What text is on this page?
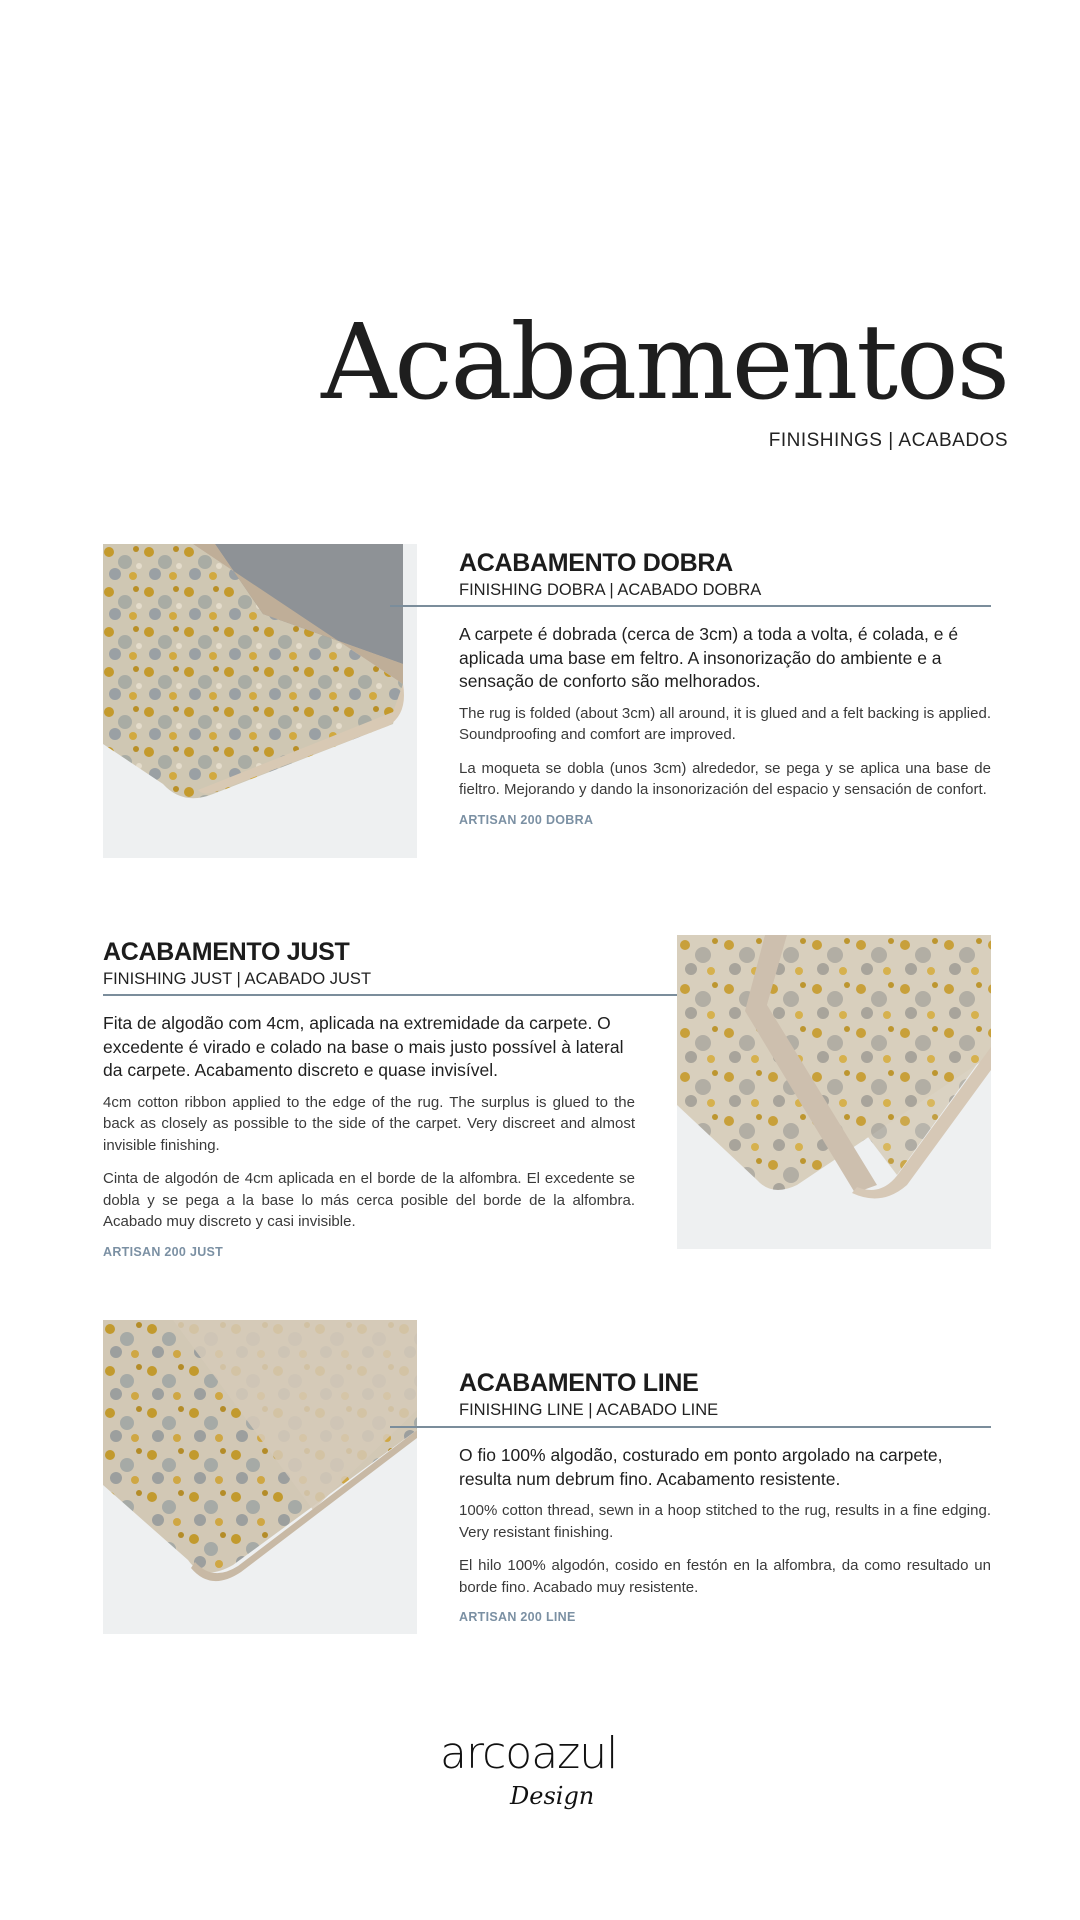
Acabamentos
FINISHINGS | ACABADOS
ACABAMENTO DOBRA
FINISHING DOBRA | ACABADO DOBRA

A carpete é dobrada (cerca de 3cm) a toda a volta, é colada, e é aplicada uma base em feltro. A insonorização do ambiente e a sensação de conforto são melhorados.

The rug is folded (about 3cm) all around, it is glued and a felt backing is applied. Soundproofing and comfort are improved.

La moqueta se dobla (unos 3cm) alrededor, se pega y se aplica una base de fieltro. Mejorando y dando la insonorización del espacio y sensación de confort.

ARTISAN 200 DOBRA

ACABAMENTO JUST
FINISHING JUST | ACABADO JUST

Fita de algodão com 4cm, aplicada na extremidade da carpete. O excedente é virado e colado na base o mais justo possível à lateral da carpete. Acabamento discreto e quase invisível.

4cm cotton ribbon applied to the edge of the rug. The surplus is glued to the back as closely as possible to the side of the carpet. Very discreet and almost invisible finishing.

Cinta de algodón de 4cm aplicada en el borde de la alfombra. El excedente se dobla y se pega a la base lo más cerca posible del borde de la alfombra. Acabado muy discreto y casi invisible.

ARTISAN 200 JUST

ACABAMENTO LINE
FINISHING LINE | ACABADO LINE

O fio 100% algodão, costurado em ponto argolado na carpete, resulta num debrum fino. Acabamento resistente.

100% cotton thread, sewn in a hoop stitched to the rug, results in a fine edging. Very resistant finishing.

El hilo 100% algodón, cosido en festón en la alfombra, da como resultado un borde fino. Acabado muy resistente.

ARTISAN 200 LINE

arcoazul
Design
